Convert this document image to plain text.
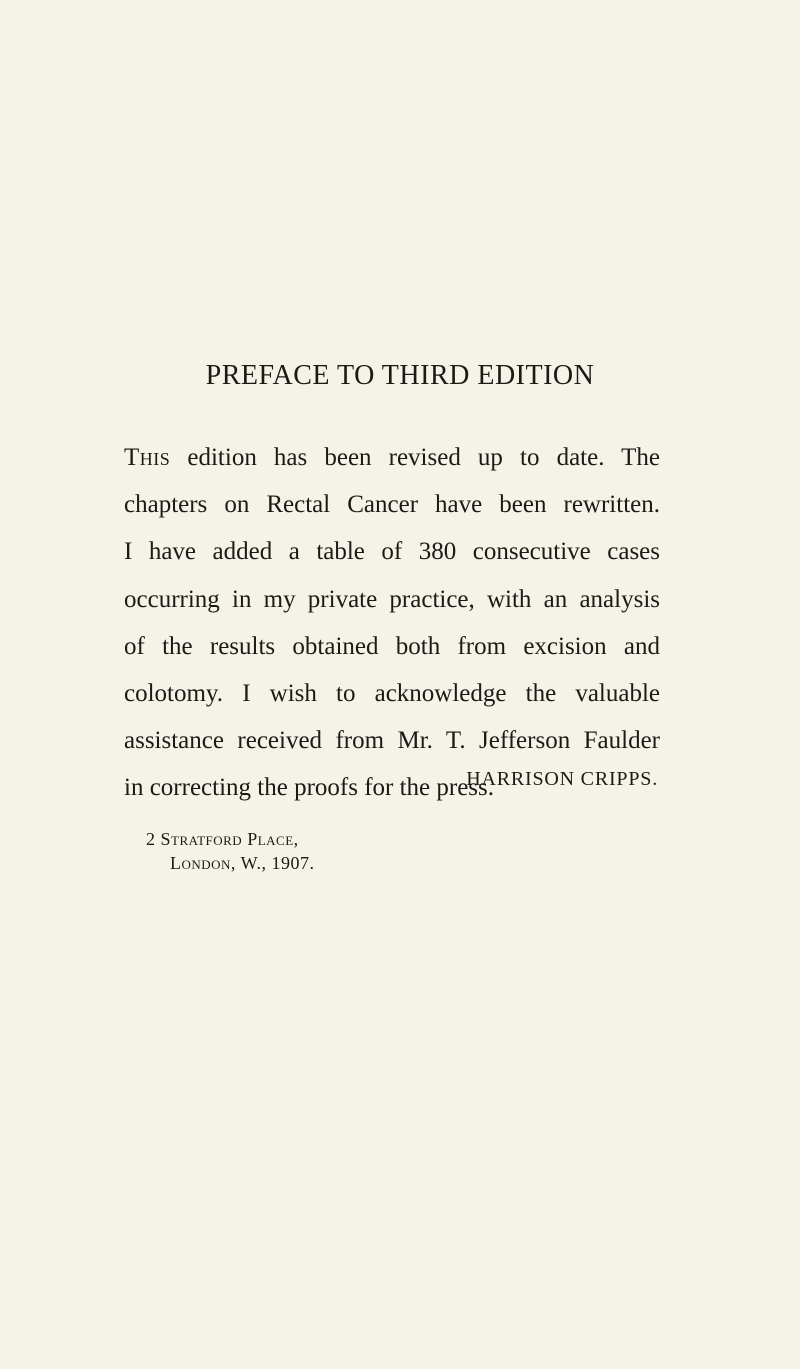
PREFACE TO THIRD EDITION
This edition has been revised up to date. The
chapters on Rectal Cancer have been rewritten.
I have added a table of 380 consecutive cases
occurring in my private practice, with an analysis
of the results obtained both from excision and
colotomy. I wish to acknowledge the valuable
assistance received from Mr. T. Jefferson Faulder
in correcting the proofs for the press.
HARRISON CRIPPS.
2 Stratford Place,
London, W., 1907.
